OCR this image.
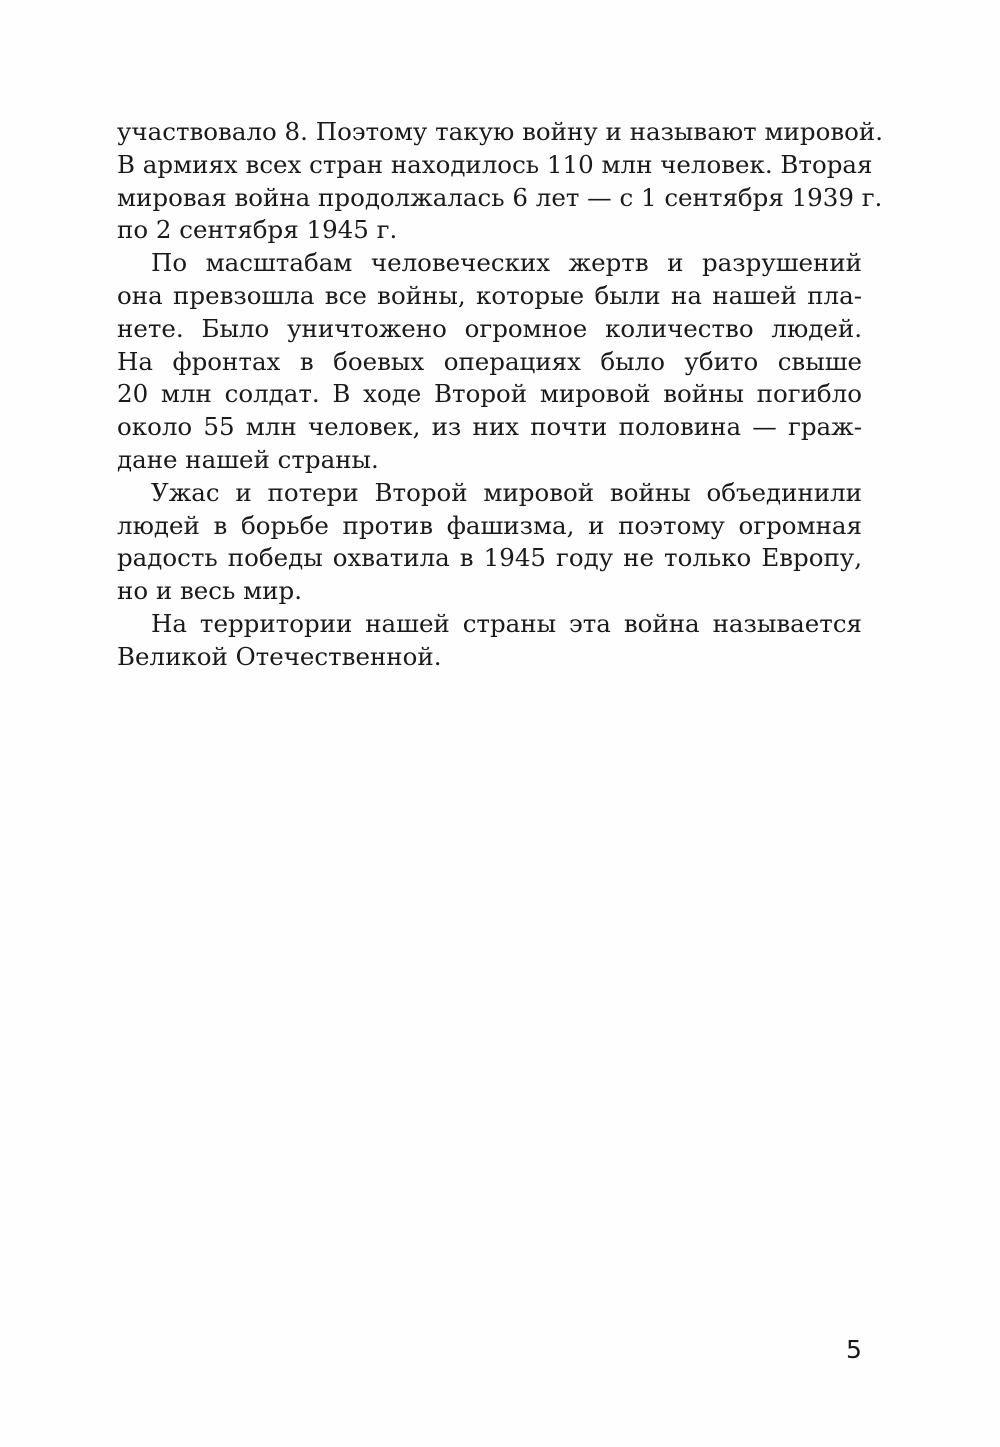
участвовало 8. Поэтому такую войну и называют мировой.
В армиях всех стран находилось 110 млн человек. Вторая
мировая война продолжалась 6 лет — с 1 сентября 1939 г.
по 2 сентября 1945 г.
По масштабам человеческих жертв и разрушений
она превзошла все войны, которые были на нашей пла-
нете. Было уничтожено огромное количество людей.
На фронтах в боевых операциях было убито свыше
20 млн солдат. В ходе Второй мировой войны погибло
около 55 млн человек, из них почти половина — граж-
дане нашей страны.
Ужас и потери Второй мировой войны объединили
людей в борьбе против фашизма, и поэтому огромная
радость победы охватила в 1945 году не только Европу,
но и весь мир.
На территории нашей страны эта война называется
Великой Отечественной.
5
